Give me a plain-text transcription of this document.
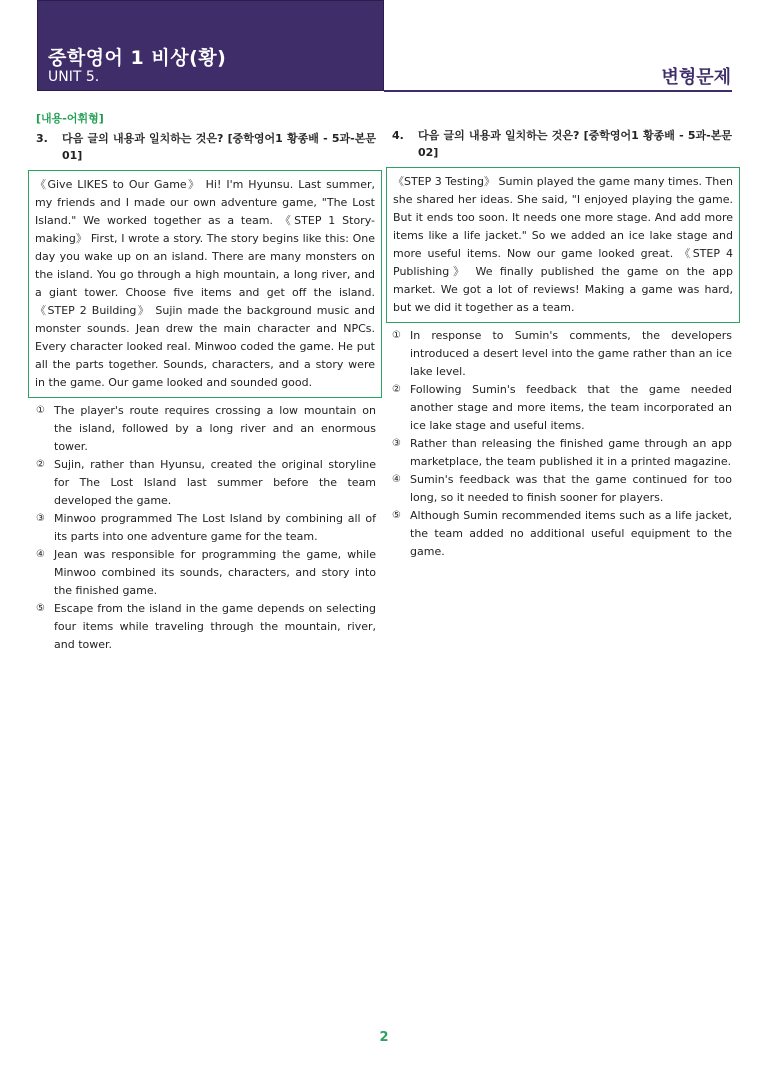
중학영어 1 비상(황)
UNIT 5.	변형문제
[내용-어휘형]
3.	다음 글의 내용과 일치하는 것은? [중학영어1 황종배 - 5과-본문 01]
《Give LIKES to Our Game》 Hi! I'm Hyunsu. Last summer, my friends and I made our own adventure game, "The Lost Island." We worked together as a team. 《STEP 1 Story-making》 First, I wrote a story. The story begins like this: One day you wake up on an island. There are many monsters on the island. You go through a high mountain, a long river, and a giant tower. Choose five items and get off the island. 《STEP 2 Building》 Sujin made the background music and monster sounds. Jean drew the main character and NPCs. Every character looked real. Minwoo coded the game. He put all the parts together. Sounds, characters, and a story were in the game. Our game looked and sounded good.
① The player's route requires crossing a low mountain on the island, followed by a long river and an enormous tower.
② Sujin, rather than Hyunsu, created the original storyline for The Lost Island last summer before the team developed the game.
③ Minwoo programmed The Lost Island by combining all of its parts into one adventure game for the team.
④ Jean was responsible for programming the game, while Minwoo combined its sounds, characters, and story into the finished game.
⑤ Escape from the island in the game depends on selecting four items while traveling through the mountain, river, and tower.
4.	다음 글의 내용과 일치하는 것은? [중학영어1 황종배 - 5과-본문 02]
《STEP 3 Testing》 Sumin played the game many times. Then she shared her ideas. She said, "I enjoyed playing the game. But it ends too soon. It needs one more stage. And add more items like a life jacket." So we added an ice lake stage and more useful items. Now our game looked great. 《STEP 4 Publishing》 We finally published the game on the app market. We got a lot of reviews! Making a game was hard, but we did it together as a team.
① In response to Sumin's comments, the developers introduced a desert level into the game rather than an ice lake level.
② Following Sumin's feedback that the game needed another stage and more items, the team incorporated an ice lake stage and useful items.
③ Rather than releasing the finished game through an app marketplace, the team published it in a printed magazine.
④ Sumin's feedback was that the game continued for too long, so it needed to finish sooner for players.
⑤ Although Sumin recommended items such as a life jacket, the team added no additional useful equipment to the game.
2
